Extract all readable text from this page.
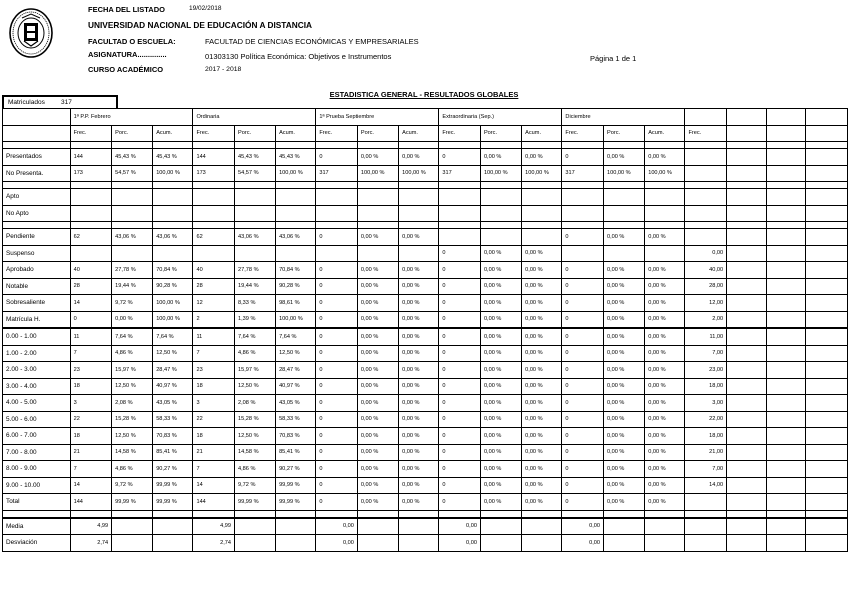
FECHA DEL LISTADO	19/02/2018
UNIVERSIDAD NACIONAL DE EDUCACIÓN A DISTANCIA
FACULTAD O ESCUELA:	FACULTAD DE CIENCIAS ECONÓMICAS Y EMPRESARIALES
ASIGNATURA..............	01303130 Política Económica: Objetivos e Instrumentos	Página 1 de 1
CURSO ACADÉMICO	2017 - 2018
ESTADISTICA GENERAL - RESULTADOS GLOBALES
Matriculados 317
	1ª P.P. Febrero			Ordinaria			1ª Prueba Septiembre			Extraordinaria (Sep.)			Diciembre						
	Frec.	Porc.	Acum.	Frec.	Porc.	Acum.	Frec.	Porc.	Acum.	Frec.	Porc.	Acum.	Frec.	Porc.	Acum.	Frec.			

Presentados	144	45,43 %	45,43 %	144	45,43 %	45,43 %	0	0,00 %	0,00 %	0	0,00 %	0,00 %	0	0,00 %	0,00 %				
No Presenta.	173	54,57 %	100,00 %	173	54,57 %	100,00 %	317	100,00 %	100,00 %	317	100,00 %	100,00 %	317	100,00 %	100,00 %				

Apto																			
No Apto																			

Pendiente	62	43,06 %	43,06 %	62	43,06 %	43,06 %	0	0,00 %	0,00 %				0	0,00 %	0,00 %				
Suspenso										0	0,00 %	0,00 %				0,00			
Aprobado	40	27,78 %	70,84 %	40	27,78 %	70,84 %	0	0,00 %	0,00 %	0	0,00 %	0,00 %	0	0,00 %	0,00 %	40,00			
Notable	28	19,44 %	90,28 %	28	19,44 %	90,28 %	0	0,00 %	0,00 %	0	0,00 %	0,00 %	0	0,00 %	0,00 %	28,00			
Sobresaliente	14	9,72 %	100,00 %	12	8,33 %	98,61 %	0	0,00 %	0,00 %	0	0,00 %	0,00 %	0	0,00 %	0,00 %	12,00			
Matrícula H.	0	0,00 %	100,00 %	2	1,39 %	100,00 %	0	0,00 %	0,00 %	0	0,00 %	0,00 %	0	0,00 %	0,00 %	2,00			
0.00 - 1.00	11	7,64 %	7,64 %	11	7,64 %	7,64 %	0	0,00 %	0,00 %	0	0,00 %	0,00 %	0	0,00 %	0,00 %	11,00			
1.00 - 2.00	7	4,86 %	12,50 %	7	4,86 %	12,50 %	0	0,00 %	0,00 %	0	0,00 %	0,00 %	0	0,00 %	0,00 %	7,00			
2.00 - 3.00	23	15,97 %	28,47 %	23	15,97 %	28,47 %	0	0,00 %	0,00 %	0	0,00 %	0,00 %	0	0,00 %	0,00 %	23,00			
3.00 - 4.00	18	12,50 %	40,97 %	18	12,50 %	40,97 %	0	0,00 %	0,00 %	0	0,00 %	0,00 %	0	0,00 %	0,00 %	18,00			
4.00 - 5.00	3	2,08 %	43,05 %	3	2,08 %	43,05 %	0	0,00 %	0,00 %	0	0,00 %	0,00 %	0	0,00 %	0,00 %	3,00			
5.00 - 6.00	22	15,28 %	58,33 %	22	15,28 %	58,33 %	0	0,00 %	0,00 %	0	0,00 %	0,00 %	0	0,00 %	0,00 %	22,00			
6.00 - 7.00	18	12,50 %	70,83 %	18	12,50 %	70,83 %	0	0,00 %	0,00 %	0	0,00 %	0,00 %	0	0,00 %	0,00 %	18,00			
7.00 - 8.00	21	14,58 %	85,41 %	21	14,58 %	85,41 %	0	0,00 %	0,00 %	0	0,00 %	0,00 %	0	0,00 %	0,00 %	21,00			
8.00 - 9.00	7	4,86 %	90,27 %	7	4,86 %	90,27 %	0	0,00 %	0,00 %	0	0,00 %	0,00 %	0	0,00 %	0,00 %	7,00			
9.00 - 10.00	14	9,72 %	99,99 %	14	9,72 %	99,99 %	0	0,00 %	0,00 %	0	0,00 %	0,00 %	0	0,00 %	0,00 %	14,00			
Total	144	99,99 %	99,99 %	144	99,99 %	99,99 %	0	0,00 %	0,00 %	0	0,00 %	0,00 %	0	0,00 %	0,00 %				

Media	4,99			4,99			0,00			0,00			0,00						
Desviación	2,74			2,74			0,00			0,00			0,00						
